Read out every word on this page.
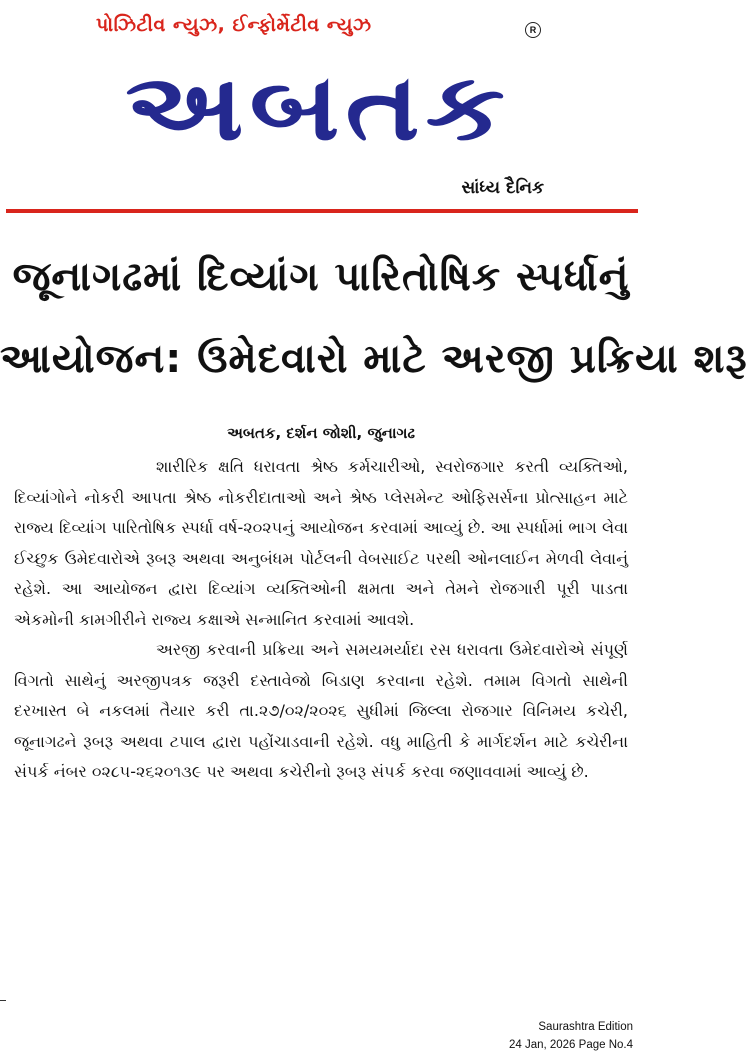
પોઝિટીવ ન્યુઝ, ઈન્ફોર્મેટીવ ન્યુઝ	R
અબતક
સાંધ્ય દૈનિક
જૂનાગઢમાં દિવ્યાંગ પારિતોષિક સ્પર્ધાનું
આયોજન: ઉમેદવારો માટે અરજી પ્રક્રિયા શરૂ
અબતક, દર્શન જોશી, જુનાગઢ

શારીરિક ક્ષતિ ધરાવતા શ્રેષ્ઠ કર્મચારીઓ, સ્વરોજગાર કરતી વ્યક્તિઓ, દિવ્યાંગોને નોકરી આપતા શ્રેષ્ઠ નોકરીદાતાઓ અને શ્રેષ્ઠ પ્લેસમેન્ટ ઓફિસર્સના પ્રોત્સાહન માટે રાજ્ય દિવ્યાંગ પારિતોષિક સ્પર્ધા વર્ષ-૨૦૨૫નું આયોજન કરવામાં આવ્યું છે. આ સ્પર્ધામાં ભાગ લેવા ઈચ્છુક ઉમેદવારોએ રૂબરૂ અથવા અનુબંધમ પોર્ટલની વેબસાઈટ પરથી ઓનલાઈન મેળવી લેવાનું રહેશે. આ આયોજન દ્વારા દિવ્યાંગ વ્યક્તિઓની ક્ષમતા અને તેમને રોજગારી પૂરી પાડતા એકમોની કામગીરીને રાજ્ય કક્ષાએ સન્માનિત કરવામાં આવશે.

અરજી કરવાની પ્રક્રિયા અને સમયમર્યાદા રસ ધરાવતા ઉમેદવારોએ સંપૂર્ણ વિગતો સાથેનું અરજીપત્રક જરૂરી દસ્તાવેજો બિડાણ કરવાના રહેશે. તમામ વિગતો સાથેની દરખાસ્ત બે નકલમાં તૈયાર કરી તા.૨૭/૦૨/૨૦૨૬ સુધીમાં જિલ્લા રોજગાર વિનિમય કચેરી, જૂનાગઢને રૂબરૂ અથવા ટપાલ દ્વારા પહોંચાડવાની રહેશે. વધુ માહિતી કે માર્ગદર્શન માટે કચેરીના સંપર્ક નંબર ૦૨૮૫-૨૬૨૦૧૩૯ પર અથવા કચેરીનો રૂબરૂ સંપર્ક કરવા જણાવવામાં આવ્યું છે.

Saurashtra Edition
24 Jan, 2026 Page No.4
